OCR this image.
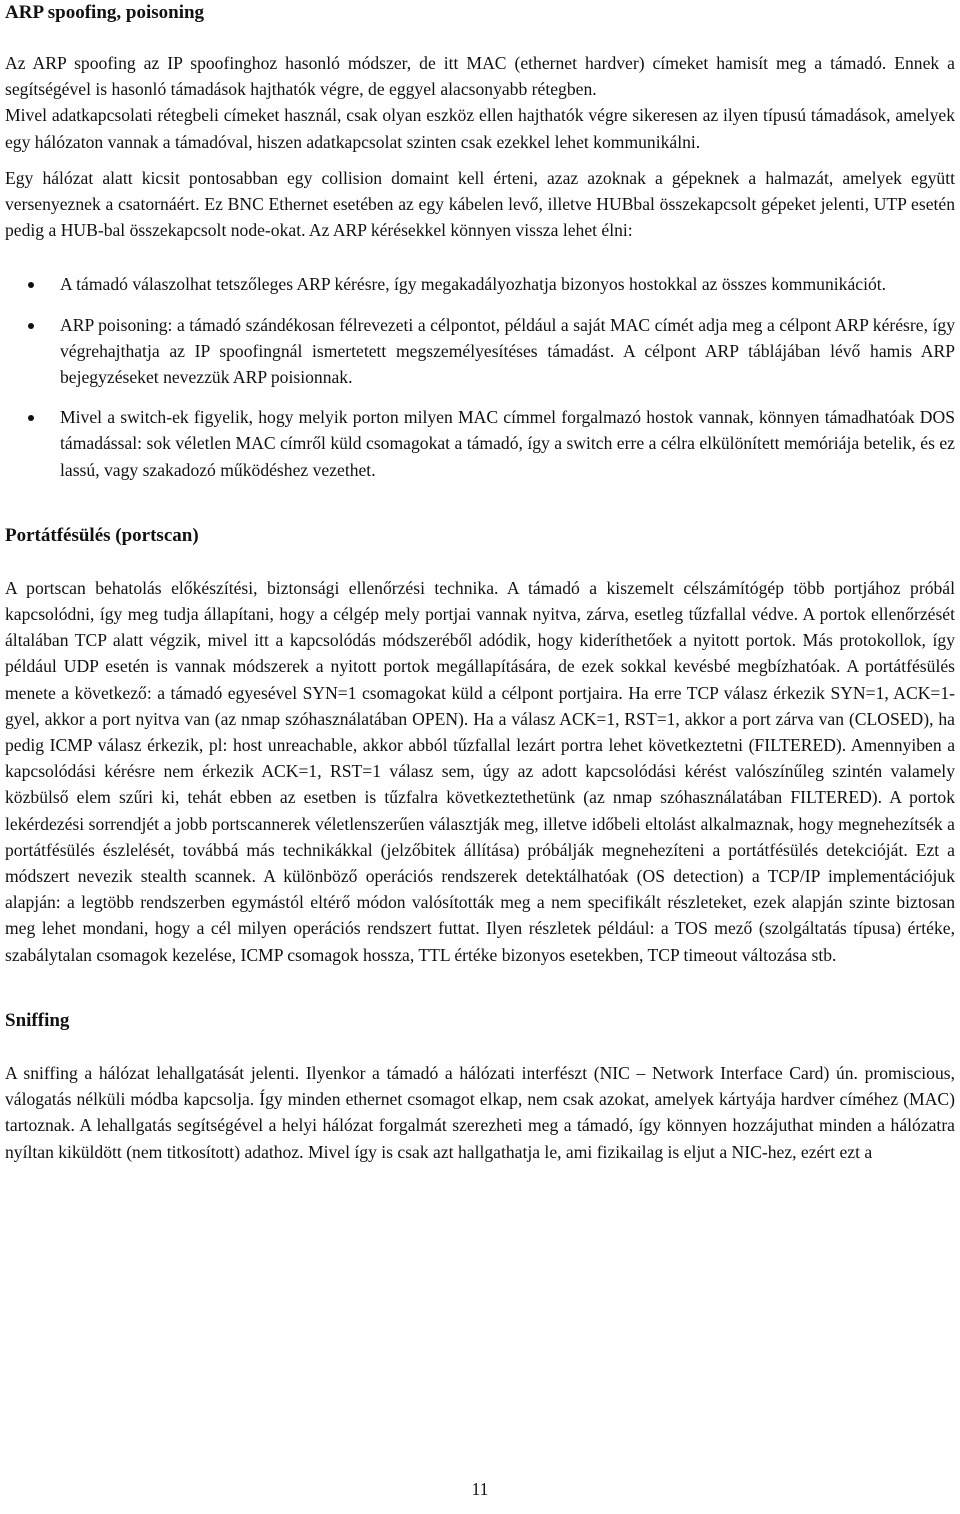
ARP spoofing, poisoning

Az ARP spoofing az IP spoofinghoz hasonló módszer, de itt MAC (ethernet hardver) címeket hamisít meg a támadó. Ennek a segítségével is hasonló támadások hajthatók végre, de eggyel alacsonyabb rétegben.

Mivel adatkapcsolati rétegbeli címeket használ, csak olyan eszköz ellen hajthatók végre sikeresen az ilyen típusú támadások, amelyek egy hálózaton vannak a támadóval, hiszen adatkapcsolat szinten csak ezekkel lehet kommunikálni.

Egy hálózat alatt kicsit pontosabban egy collision domaint kell érteni, azaz azoknak a gépeknek a halmazát, amelyek együtt versenyeznek a csatornáért. Ez BNC Ethernet esetében az egy kábelen levő, illetve HUBbal összekapcsolt gépeket jelenti, UTP esetén pedig a HUB-bal összekapcsolt node-okat. Az ARP kérésekkel könnyen vissza lehet élni:

A támadó válaszolhat tetszőleges ARP kérésre, így megakadályozhatja bizonyos hostokkal az összes kommunikációt.
ARP poisoning: a támadó szándékosan félrevezeti a célpontot, például a saját MAC címét adja meg a célpont ARP kérésre, így végrehajthatja az IP spoofingnál ismertetett megszemélyesítéses támadást. A célpont ARP táblájában lévő hamis ARP bejegyzéseket nevezzük ARP poisionnak.
Mivel a switch-ek figyelik, hogy melyik porton milyen MAC címmel forgalmazó hostok vannak, könnyen támadhatóak DOS támadással: sok véletlen MAC címről küld csomagokat a támadó, így a switch erre a célra elkülönített memóriája betelik, és ez lassú, vagy szakadozó működéshez vezethet.
Portátfésülés (portscan)

A portscan behatolás előkészítési, biztonsági ellenőrzési technika. A támadó a kiszemelt célszámítógép több portjához próbál kapcsolódni, így meg tudja állapítani, hogy a célgép mely portjai vannak nyitva, zárva, esetleg tűzfallal védve. A portok ellenőrzését általában TCP alatt végzik, mivel itt a kapcsolódás módszeréből adódik, hogy kideríthetőek a nyitott portok. Más protokollok, így például UDP esetén is vannak módszerek a nyitott portok megállapítására, de ezek sokkal kevésbé megbízhatóak. A portátfésülés menete a következő: a támadó egyesével SYN=1 csomagokat küld a célpont portjaira. Ha erre TCP válasz érkezik SYN=1, ACK=1-gyel, akkor a port nyitva van (az nmap szóhasználatában OPEN). Ha a válasz ACK=1, RST=1, akkor a port zárva van (CLOSED), ha pedig ICMP válasz érkezik, pl: host unreachable, akkor abból tűzfallal lezárt portra lehet következtetni (FILTERED). Amennyiben a kapcsolódási kérésre nem érkezik ACK=1, RST=1 válasz sem, úgy az adott kapcsolódási kérést valószínűleg szintén valamely közbülső elem szűri ki, tehát ebben az esetben is tűzfalra következtethetünk (az nmap szóhasználatában FILTERED). A portok lekérdezési sorrendjét a jobb portscannerek véletlenszerűen választják meg, illetve időbeli eltolást alkalmaznak, hogy megnehezítsék a portátfésülés észlelését, továbbá más technikákkal (jelzőbitek állítása) próbálják megnehezíteni a portátfésülés detekcióját. Ezt a módszert nevezik stealth scannek. A különböző operációs rendszerek detektálhatóak (OS detection) a TCP/IP implementációjuk alapján: a legtöbb rendszerben egymástól eltérő módon valósították meg a nem specifikált részleteket, ezek alapján szinte biztosan meg lehet mondani, hogy a cél milyen operációs rendszert futtat. Ilyen részletek például: a TOS mező (szolgáltatás típusa) értéke, szabálytalan csomagok kezelése, ICMP csomagok hossza, TTL értéke bizonyos esetekben, TCP timeout változása stb.

Sniffing

A sniffing a hálózat lehallgatását jelenti. Ilyenkor a támadó a hálózati interfészt (NIC – Network Interface Card) ún. promiscious, válogatás nélküli módba kapcsolja. Így minden ethernet csomagot elkap, nem csak azokat, amelyek kártyája hardver címéhez (MAC) tartoznak. A lehallgatás segítségével a helyi hálózat forgalmát szerezheti meg a támadó, így könnyen hozzájuthat minden a hálózatra nyíltan kiküldött (nem titkosított) adathoz. Mivel így is csak azt hallgathatja le, ami fizikailag is eljut a NIC-hez, ezért ezt a

11
